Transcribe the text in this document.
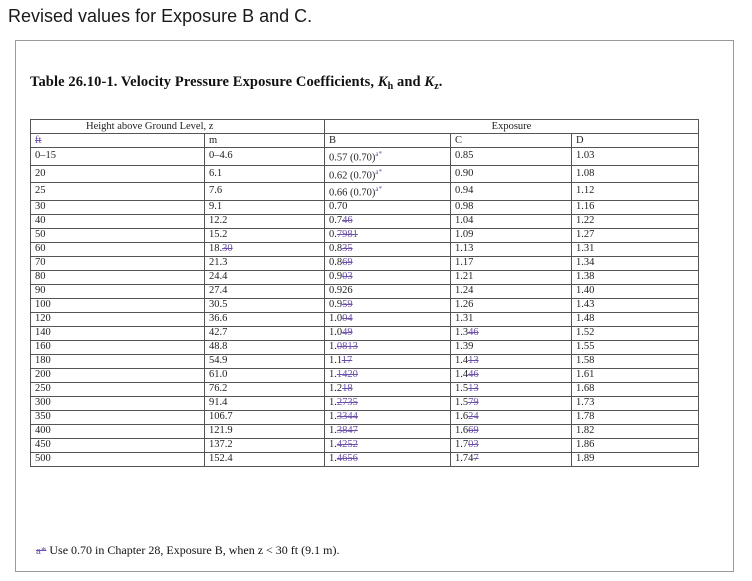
Revised values for Exposure B and C.
Table 26.10-1. Velocity Pressure Exposure Coefficients, $K_h$ and $K_z$.
Height above Ground Level, z		Exposure		
ft	m	B	C	D
0–15	0–4.6	0.57 $(0.70)^{a*}$	0.85	1.03
20	6.1	0.62 $(0.70)^{a*}$	0.90	1.08
25	7.6	0.66 $(0.70)^{a*}$	0.94	1.12
30	9.1	0.70	0.98	1.16
40	12.2	0.746	1.04	1.22
50	15.2	0.7981	1.09	1.27
60	18.30	0.835	1.13	1.31
70	21.3	0.869	1.17	1.34
80	24.4	0.903	1.21	1.38
90	27.4	0.926	1.24	1.40
100	30.5	0.959	1.26	1.43
120	36.6	1.004	1.31	1.48
140	42.7	1.049	1.346	1.52
160	48.8	1.0813	1.39	1.55
180	54.9	1.117	1.413	1.58
200	61.0	1.1420	1.446	1.61
250	76.2	1.218	1.513	1.68
300	91.4	1.2735	1.579	1.73
350	106.7	1.3344	1.624	1.78
400	121.9	1.3847	1.669	1.82
450	137.2	1.4252	1.703	1.86
500	152.4	1.4656	1.747	1.89
a* Use 0.70 in Chapter 28, Exposure B, when z < 30 ft (9.1 m).
